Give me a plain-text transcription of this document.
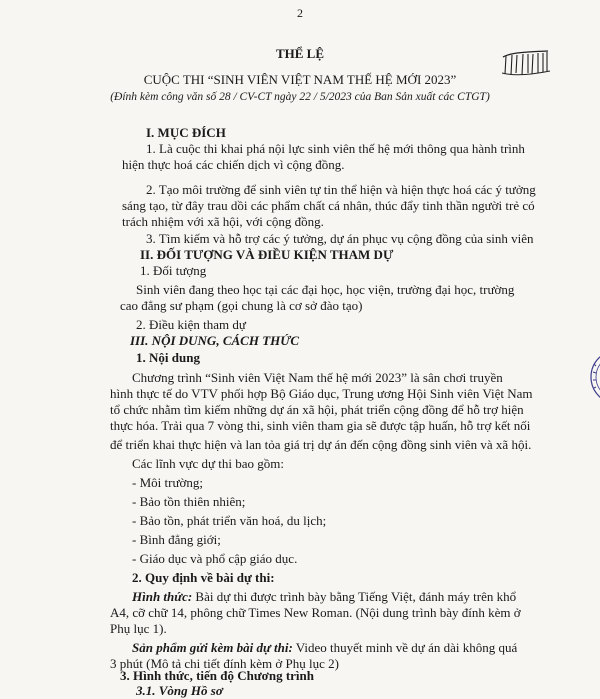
2
THỂ LỆ
CUỘC THI “SINH VIÊN VIỆT NAM THẾ HỆ MỚI 2023”
(Đính kèm công văn số 28 / CV-CT ngày 22 / 5/2023 của Ban Sản xuất các CTGT)
I. MỤC ĐÍCH
1. Là cuộc thi khai phá nội lực sinh viên thế hệ mới thông qua hành trình
hiện thực hoá các chiến dịch vì cộng đồng.
2. Tạo môi trường để sinh viên tự tin thể hiện và hiện thực hoá các ý tưởng
sáng tạo, từ đây trau dồi các phẩm chất cá nhân, thúc đẩy tinh thần người trẻ có
trách nhiệm với xã hội, với cộng đồng.
3. Tìm kiếm và hỗ trợ các ý tưởng, dự án phục vụ cộng đồng của sinh viên
II. ĐỐI TƯỢNG VÀ ĐIỀU KIỆN THAM DỰ
1. Đối tượng
Sinh viên đang theo học tại các đại học, học viện, trường đại học, trường
cao đẳng sư phạm (gọi chung là cơ sở đào tạo)
2. Điều kiện tham dự
III. NỘI DUNG, CÁCH THỨC
1. Nội dung
Chương trình “Sinh viên Việt Nam thế hệ mới 2023” là sân chơi truyền
hình thực tế do VTV phối hợp Bộ Giáo dục, Trung ương Hội Sinh viên Việt Nam
tổ chức nhằm tìm kiếm những dự án xã hội, phát triển cộng đồng để hỗ trợ hiện
thực hóa. Trải qua 7 vòng thi, sinh viên tham gia sẽ được tập huấn, hỗ trợ kết nối
để triển khai thực hiện và lan tỏa giá trị dự án đến cộng đồng sinh viên và xã hội.
Các lĩnh vực dự thi bao gồm:
- Môi trường;
- Bảo tồn thiên nhiên;
- Bảo tồn, phát triển văn hoá, du lịch;
- Bình đẳng giới;
- Giáo dục và phổ cập giáo dục.
2. Quy định về bài dự thi:
Hình thức: Bài dự thi được trình bày bằng Tiếng Việt, đánh máy trên khổ
A4, cỡ chữ 14, phông chữ Times New Roman. (Nội dung trình bày đính kèm ở
Phụ lục 1).
Sản phẩm gửi kèm bài dự thi: Video thuyết minh về dự án dài không quá
3 phút (Mô tả chi tiết đính kèm ở Phụ lục 2)
3. Hình thức, tiến độ Chương trình
3.1. Vòng Hồ sơ
